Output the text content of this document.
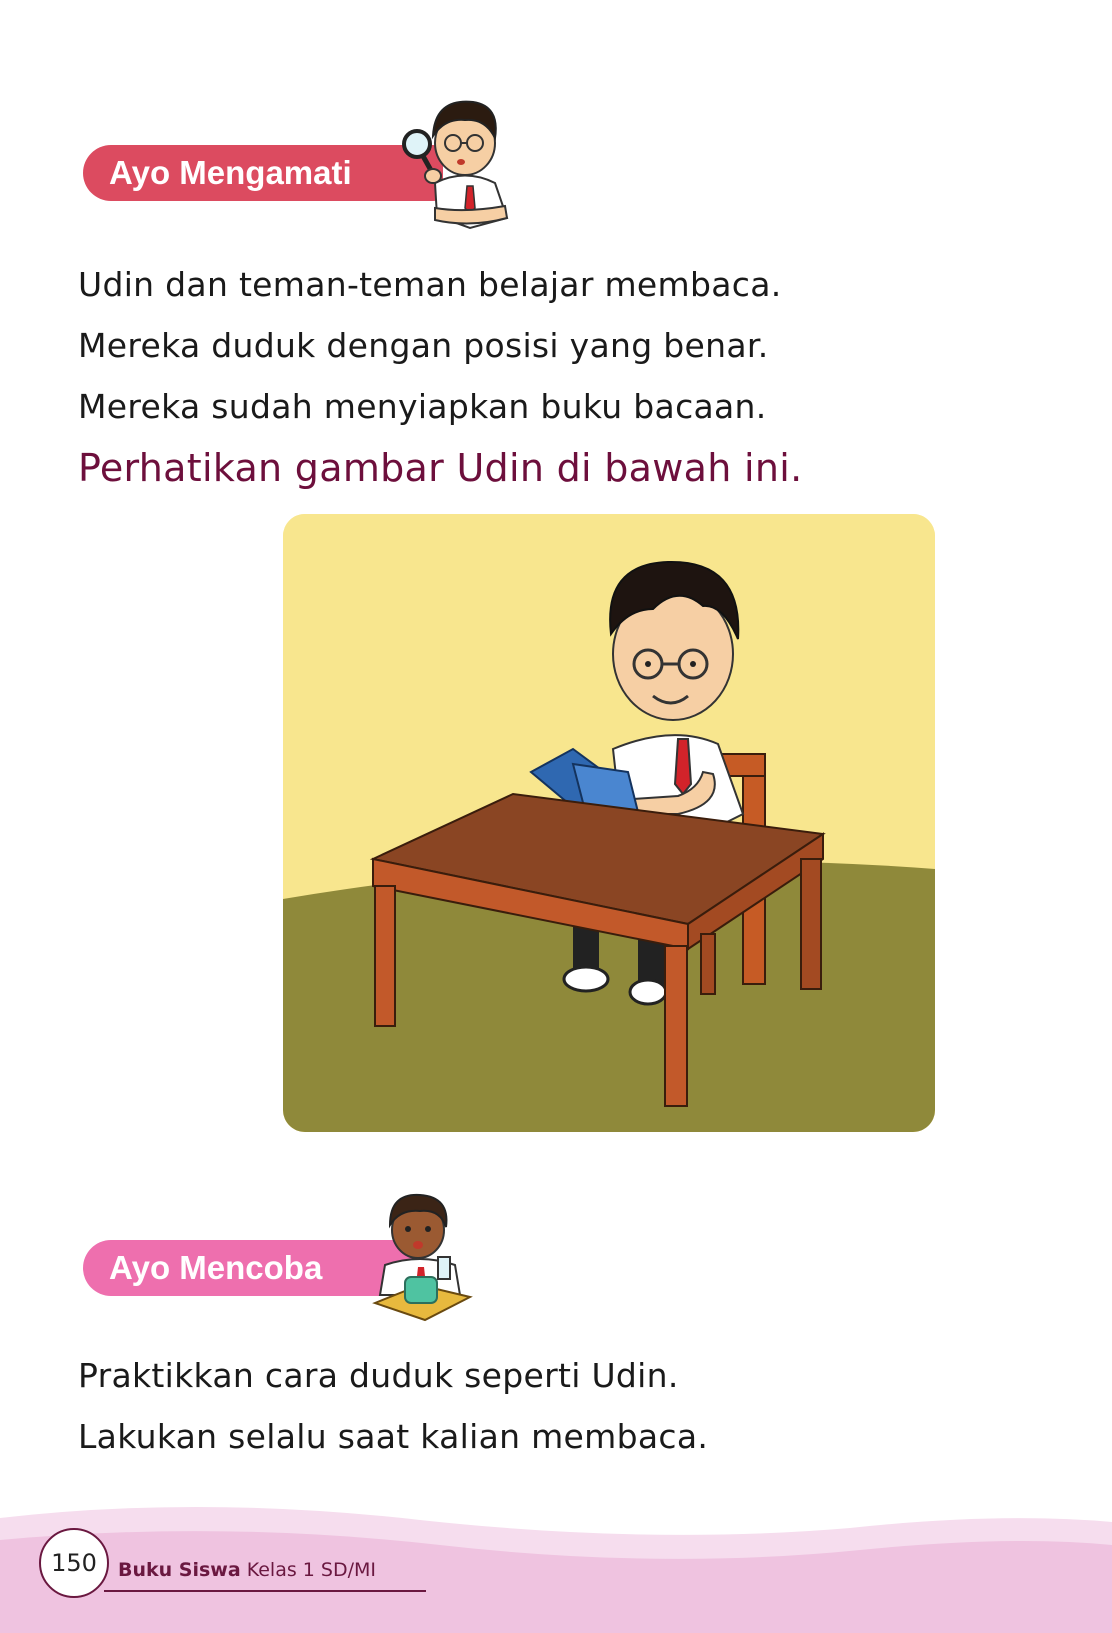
Ayo Mengamati

Udin dan teman-teman belajar membaca.

Mereka duduk dengan posisi yang benar.

Mereka sudah menyiapkan buku bacaan.

Perhatikan gambar Udin di bawah ini.

Ayo Mencoba

Praktikkan cara duduk seperti Udin.

Lakukan selalu saat kalian membaca.

150	Buku Siswa Kelas 1 SD/MI
